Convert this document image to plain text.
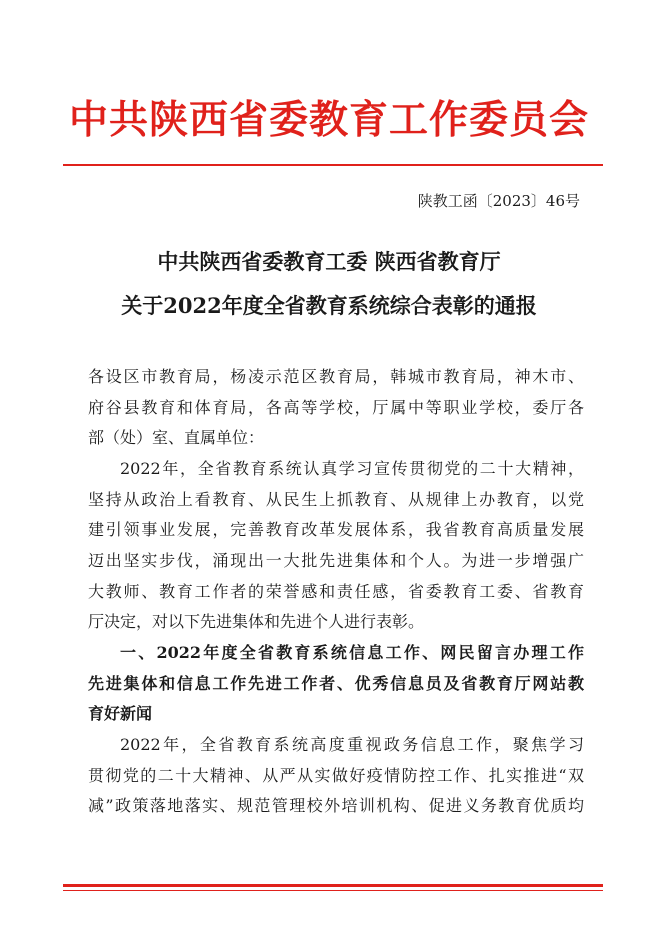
中共陕西省委教育工作委员会
陕教工函〔2023〕46号
中共陕西省委教育工委 陕西省教育厅
关于2022年度全省教育系统综合表彰的通报
各设区市教育局，杨凌示范区教育局，韩城市教育局，神木市、
府谷县教育和体育局，各高等学校，厅属中等职业学校，委厅各
部（处）室、直属单位：
2022年，全省教育系统认真学习宣传贯彻党的二十大精神，
坚持从政治上看教育、从民生上抓教育、从规律上办教育，以党
建引领事业发展，完善教育改革发展体系，我省教育高质量发展
迈出坚实步伐，涌现出一大批先进集体和个人。为进一步增强广
大教师、教育工作者的荣誉感和责任感，省委教育工委、省教育
厅决定，对以下先进集体和先进个人进行表彰。
一、2022年度全省教育系统信息工作、网民留言办理工作
先进集体和信息工作先进工作者、优秀信息员及省教育厅网站教
育好新闻
2022年，全省教育系统高度重视政务信息工作，聚焦学习
贯彻党的二十大精神、从严从实做好疫情防控工作、扎实推进“双
减”政策落地落实、规范管理校外培训机构、促进义务教育优质均
